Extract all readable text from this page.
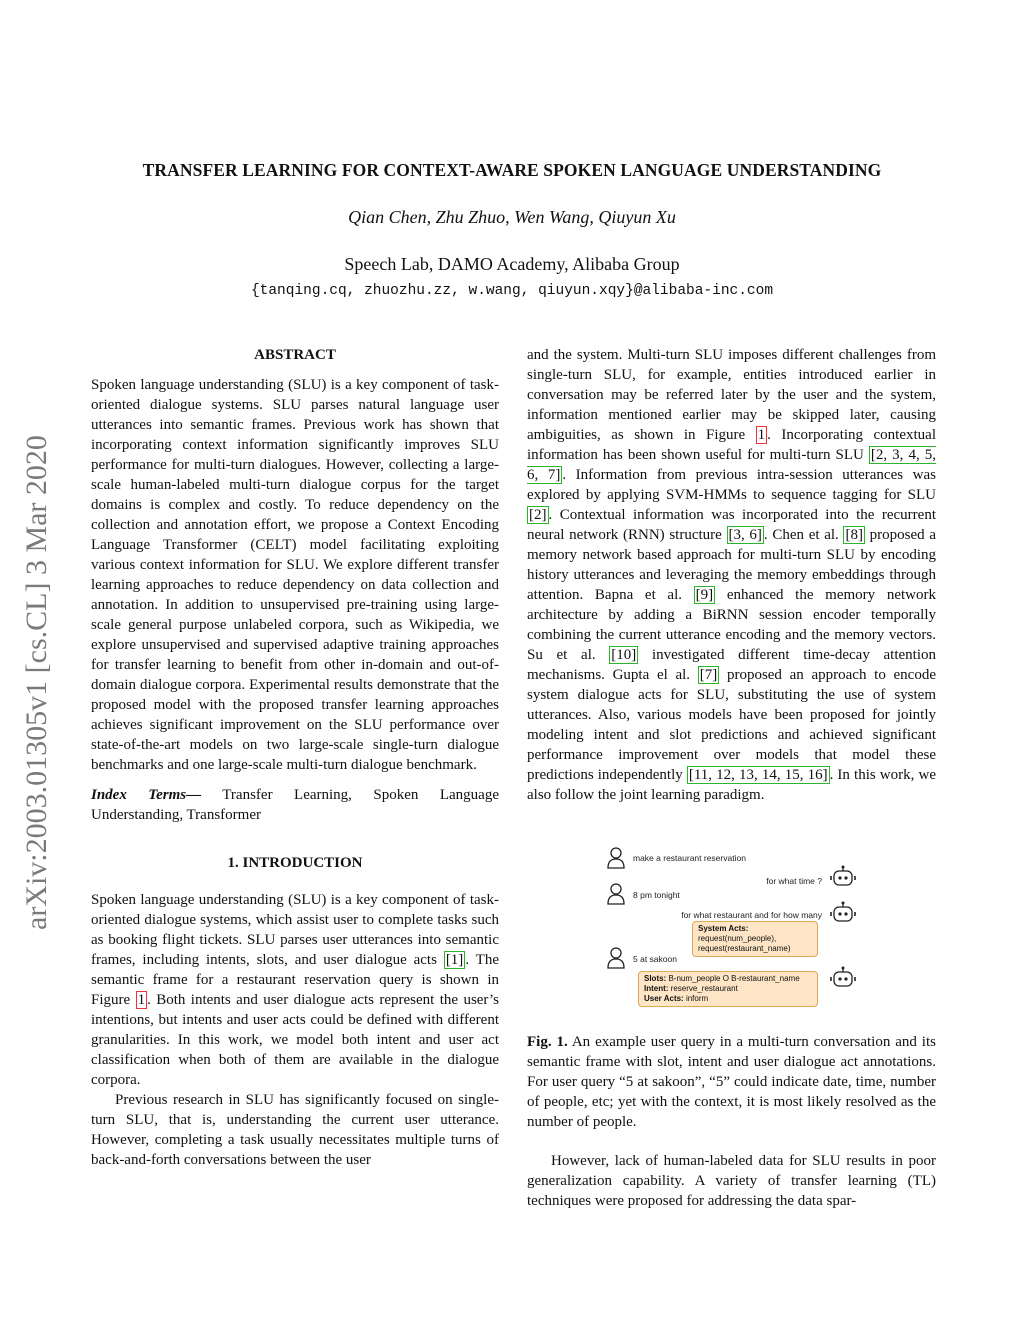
TRANSFER LEARNING FOR CONTEXT-AWARE SPOKEN LANGUAGE UNDERSTANDING
Qian Chen, Zhu Zhuo, Wen Wang, Qiuyun Xu
Speech Lab, DAMO Academy, Alibaba Group
{tanqing.cq, zhuozhu.zz, w.wang, qiuyun.xqy}@alibaba-inc.com
arXiv:2003.01305v1 [cs.CL] 3 Mar 2020
ABSTRACT

Spoken language understanding (SLU) is a key component of task-oriented dialogue systems. SLU parses natural language user utterances into semantic frames. Previous work has shown that incorporating context information significantly improves SLU performance for multi-turn dialogues. However, collecting a large-scale human-labeled multi-turn dialogue corpus for the target domains is complex and costly. To reduce dependency on the collection and annotation effort, we propose a Context Encoding Language Transformer (CELT) model facilitating exploiting various context information for SLU. We explore different transfer learning approaches to reduce dependency on data collection and annotation. In addition to unsupervised pre-training using large-scale general purpose unlabeled corpora, such as Wikipedia, we explore unsupervised and supervised adaptive training approaches for transfer learning to benefit from other in-domain and out-of-domain dialogue corpora. Experimental results demonstrate that the proposed model with the proposed transfer learning approaches achieves significant improvement on the SLU performance over state-of-the-art models on two large-scale single-turn dialogue benchmarks and one large-scale multi-turn dialogue benchmark.

Index Terms— Transfer Learning, Spoken Language Understanding, Transformer

1. INTRODUCTION

Spoken language understanding (SLU) is a key component of task-oriented dialogue systems, which assist user to complete tasks such as booking flight tickets. SLU parses user utterances into semantic frames, including intents, slots, and user dialogue acts [1] . The semantic frame for a restaurant reservation query is shown in Figure 1 . Both intents and user dialogue acts represent the user’s intentions, but intents and user acts could be defined with different granularities. In this work, we model both intent and user act classification when both of them are available in the dialogue corpora.

Previous research in SLU has significantly focused on single-turn SLU, that is, understanding the current user utterance. However, completing a task usually necessitates multiple turns of back-and-forth conversations between the user

and the system. Multi-turn SLU imposes different challenges from single-turn SLU, for example, entities introduced earlier in conversation may be referred later by the user and the system, information mentioned earlier may be skipped later, causing ambiguities, as shown in Figure 1 . Incorporating contextual information has been shown useful for multi-turn SLU [2, 3, 4, 5, 6, 7] . Information from previous intra-session utterances was explored by applying SVM-HMMs to sequence tagging for SLU [2] . Contextual information was incorporated into the recurrent neural network (RNN) structure [3, 6] . Chen et al. [8] proposed a memory network based approach for multi-turn SLU by encoding history utterances and leveraging the memory embeddings through attention. Bapna et al. [9] enhanced the memory network architecture by adding a BiRNN session encoder temporally combining the current utterance encoding and the memory vectors. Su et al. [10] investigated different time-decay attention mechanisms. Gupta el al. [7] proposed an approach to encode system dialogue acts for SLU, substituting the use of system utterances. Also, various models have been proposed for jointly modeling intent and slot predictions and achieved significant performance improvement over models that model these predictions independently [11, 12, 13, 14, 15, 16] . In this work, we also follow the joint learning paradigm.

make a restaurant reservation
for what time ?
8 pm tonight
for what restaurant and for how many
System Acts:
request(num_people),
request(restaurant_name)
5 at sakoon
Slots: B-num_people O B-restaurant_name
Intent: reserve_restaurant
User Acts: inform

Fig. 1. An example user query in a multi-turn conversation and its semantic frame with slot, intent and user dialogue act annotations. For user query “5 at sakoon”, “5” could indicate date, time, number of people, etc; yet with the context, it is most likely resolved as the number of people.

However, lack of human-labeled data for SLU results in poor generalization capability. A variety of transfer learning (TL) techniques were proposed for addressing the data spar-
